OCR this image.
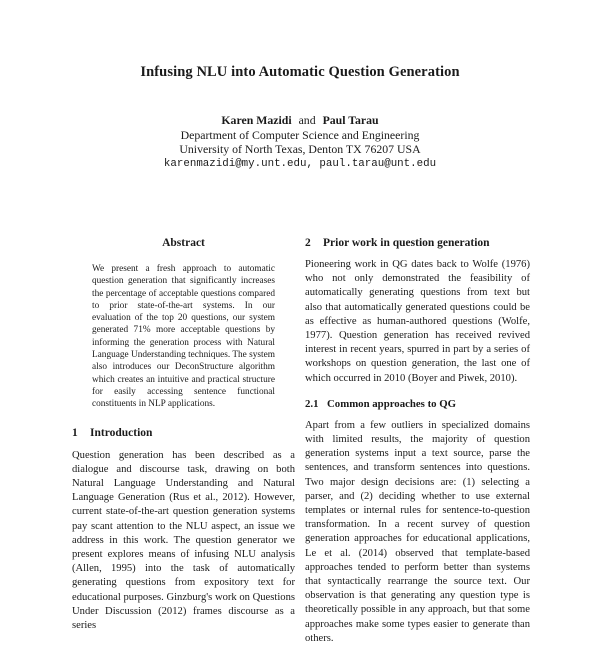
Infusing NLU into Automatic Question Generation
Karen Mazidi and Paul Tarau
Department of Computer Science and Engineering
University of North Texas, Denton TX 76207 USA
karenmazidi@my.unt.edu, paul.tarau@unt.edu
Abstract

We present a fresh approach to automatic question generation that significantly increases the percentage of acceptable questions compared to prior state-of-the-art systems. In our evaluation of the top 20 questions, our system generated 71% more acceptable questions by informing the generation process with Natural Language Understanding techniques. The system also introduces our DeconStructure algorithm which creates an intuitive and practical structure for easily accessing sentence functional constituents in NLP applications.

1 Introduction

Question generation has been described as a dialogue and discourse task, drawing on both Natural Language Understanding and Natural Language Generation (Rus et al., 2012). However, current state-of-the-art question generation systems pay scant attention to the NLU aspect, an issue we address in this work. The question generator we present explores means of infusing NLU analysis (Allen, 1995) into the task of automatically generating questions from expository text for educational purposes. Ginzburg's work on Questions Under Discussion (2012) frames discourse as a series

2 Prior work in question generation

Pioneering work in QG dates back to Wolfe (1976) who not only demonstrated the feasibility of automatically generating questions from text but also that automatically generated questions could be as effective as human-authored questions (Wolfe, 1977). Question generation has received revived interest in recent years, spurred in part by a series of workshops on question generation, the last one of which occurred in 2010 (Boyer and Piwek, 2010).

2.1 Common approaches to QG

Apart from a few outliers in specialized domains with limited results, the majority of question generation systems input a text source, parse the sentences, and transform sentences into questions. Two major design decisions are: (1) selecting a parser, and (2) deciding whether to use external templates or internal rules for sentence-to-question transformation. In a recent survey of question generation approaches for educational applications, Le et al. (2014) observed that template-based approaches tended to perform better than systems that syntactically rearrange the source text. Our observation is that generating any question type is theoretically possible in any approach, but that some approaches make some types easier to generate than others.
